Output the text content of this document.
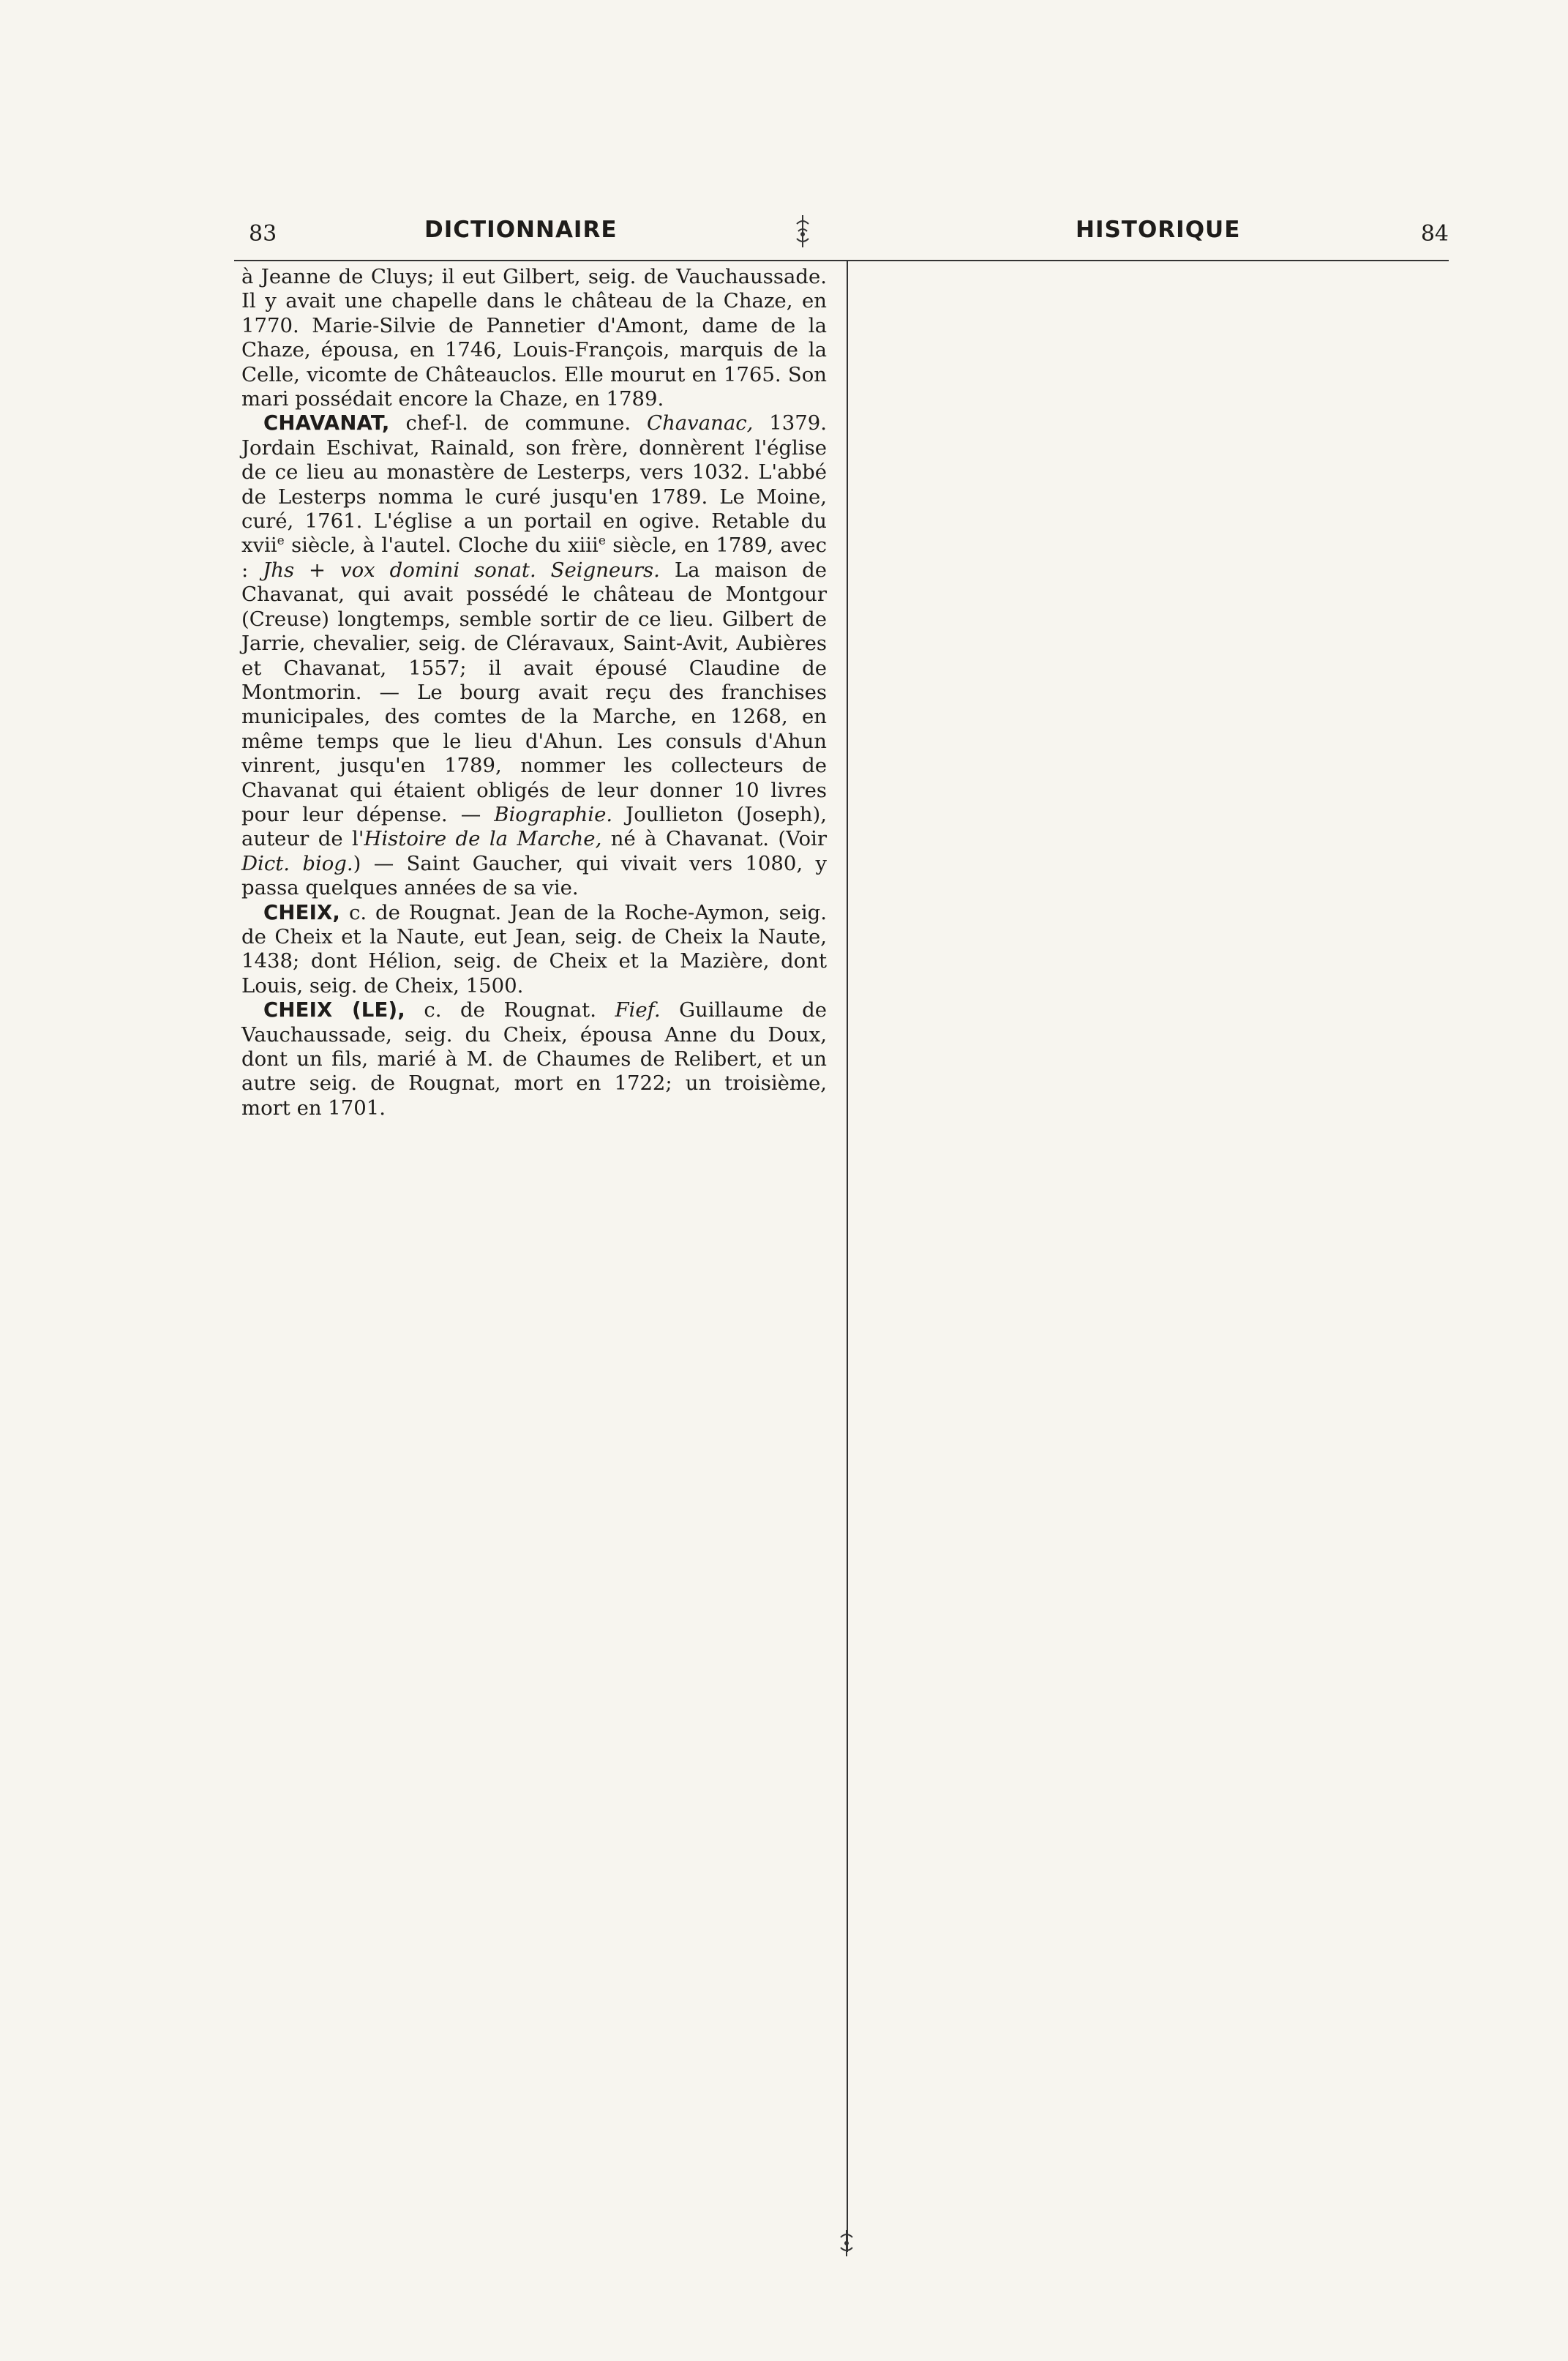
83	DICTIONNAIRE	HISTORIQUE	84

à Jeanne de Cluys; il eut Gilbert, seig. de Vauchaussade. Il y avait une chapelle dans le château de la Chaze, en 1770. Marie-Silvie de Pannetier d'Amont, dame de la Chaze, épousa, en 1746, Louis-François, marquis de la Celle, vicomte de Châteauclos. Elle mourut en 1765. Son mari possédait encore la Chaze, en 1789.

CHAVANAT, chef-l. de commune. Chavanac, 1379. Jordain Eschivat, Rainald, son frère, donnèrent l'église de ce lieu au monastère de Lesterps, vers 1032. L'abbé de Lesterps nomma le curé jusqu'en 1789. Le Moine, curé, 1761. L'église a un portail en ogive. Retable du xvii$^e$ siècle, à l'autel. Cloche du xiii$^e$ siècle, en 1789, avec : Jhs + vox domini sonat. Seigneurs. La maison de Chavanat, qui avait possédé le château de Montgour (Creuse) longtemps, semble sortir de ce lieu. Gilbert de Jarrie, chevalier, seig. de Cléravaux, Saint-Avit, Aubières et Chavanat, 1557; il avait épousé Claudine de Montmorin. — Le bourg avait reçu des franchises municipales, des comtes de la Marche, en 1268, en même temps que le lieu d'Ahun. Les consuls d'Ahun vinrent, jusqu'en 1789, nommer les collecteurs de Chavanat qui étaient obligés de leur donner 10 livres pour leur dépense. — Biographie. Joullieton (Joseph), auteur de l'Histoire de la Marche, né à Chavanat. (Voir Dict. biog.) — Saint Gaucher, qui vivait vers 1080, y passa quelques années de sa vie.

CHEIX, c. de Rougnat. Jean de la Roche-Aymon, seig. de Cheix et la Naute, eut Jean, seig. de Cheix la Naute, 1438; dont Hélion, seig. de Cheix et la Mazière, dont Louis, seig. de Cheix, 1500.

CHEIX (LE), c. de Rougnat. Fief. Guillaume de Vauchaussade, seig. du Cheix, épousa Anne du Doux, dont un fils, marié à M. de Chaumes de Relibert, et un autre seig. de Rougnat, mort en 1722; un troisième, mort en 1701.
